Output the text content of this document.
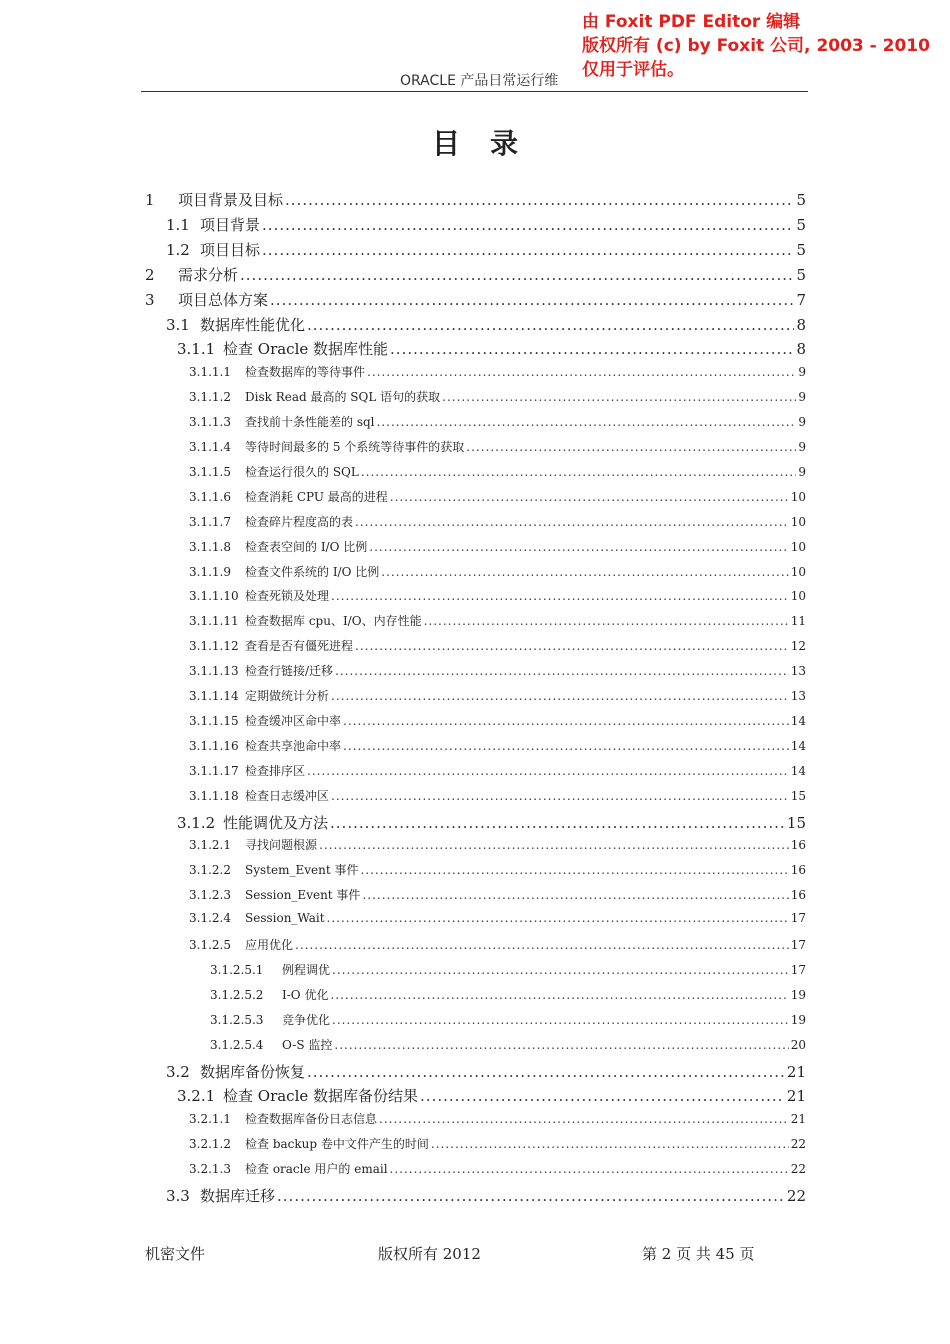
由 Foxit PDF Editor 编辑
版权所有 (c) by Foxit 公司, 2003 - 2010
仅用于评估。
ORACLE 产品日常运行维
目录
1	项目背景及目标 .....	5
1.1 项目背景 .....	5
1.2 项目目标 .....	5
2	需求分析 .....	5
3	项目总体方案 .....	7
3.1 数据库性能优化 .....	8
3.1.1 检查 Oracle 数据库性能 .....	8
3.1.1.1	检查数据库的等待事件 .....	9
3.1.1.2	Disk Read 最高的 SQL 语句的获取 .....	9
3.1.1.3	查找前十条性能差的 sql .....	9
3.1.1.4	等待时间最多的 5 个系统等待事件的获取 .....	9
3.1.1.5	检查运行很久的 SQL .....	9
3.1.1.6	检查消耗 CPU 最高的进程 .....	10
3.1.1.7	检查碎片程度高的表 .....	10
3.1.1.8	检查表空间的 I/O 比例 .....	10
3.1.1.9	检查文件系统的 I/O 比例 .....	10
3.1.1.10 检查死锁及处理 .....	10
3.1.1.11 检查数据库 cpu、I/O、内存性能 .....	11
3.1.1.12 查看是否有僵死进程 .....	12
3.1.1.13 检查行链接/迁移 .....	13
3.1.1.14 定期做统计分析 .....	13
3.1.1.15 检查缓冲区命中率 .....	14
3.1.1.16 检查共享池命中率 .....	14
3.1.1.17 检查排序区 .....	14
3.1.1.18 检查日志缓冲区 .....	15
3.1.2 性能调优及方法 .....	15
3.1.2.1	寻找问题根源 .....	16
3.1.2.2	System_Event 事件 .....	16
3.1.2.3	Session_Event 事件 .....	16
3.1.2.4	Session_Wait .....	17
3.1.2.5	应用优化 .....	17
3.1.2.5.1	例程调优 .....	17
3.1.2.5.2	I-O 优化 .....	19
3.1.2.5.3	竞争优化 .....	19
3.1.2.5.4	O-S 监控 .....	20
3.2 数据库备份恢复 .....	21
3.2.1 检查 Oracle 数据库备份结果 .....	21
3.2.1.1	检查数据库备份日志信息 .....	21
3.2.1.2	检查 backup 卷中文件产生的时间 .....	22
3.2.1.3	检查 oracle 用户的 email .....	22
3.3 数据库迁移 .....	22
机密文件	版权所有 2012	第 2 页 共 45 页
